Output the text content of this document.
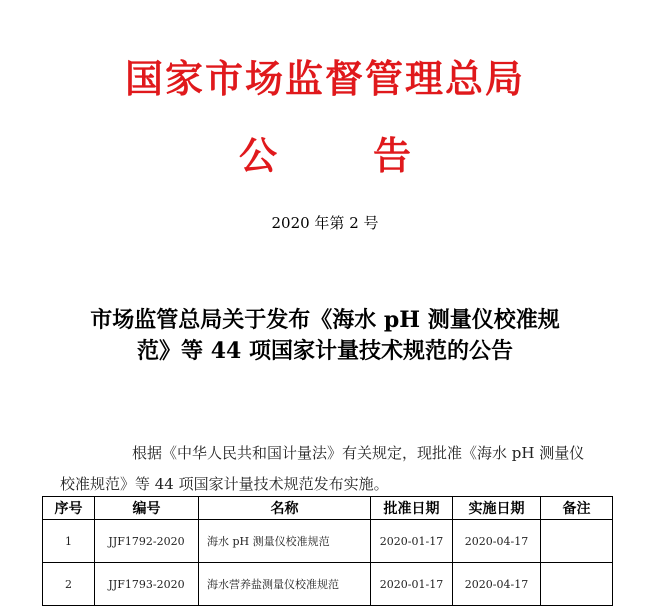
国家市场监督管理总局
公告
2020 年第 2 号
市场监管总局关于发布《海水 pH 测量仪校准规范》等 44 项国家计量技术规范的公告
根据《中华人民共和国计量法》有关规定，现批准《海水 pH 测量仪校准规范》等 44 项国家计量技术规范发布实施。
序号	编号	名称	批准日期	实施日期	备注
1	JJF1792-2020	海水 pH 测量仪校准规范	2020-01-17	2020-04-17	
2	JJF1793-2020	海水营养盐测量仪校准规范	2020-01-17	2020-04-17	
